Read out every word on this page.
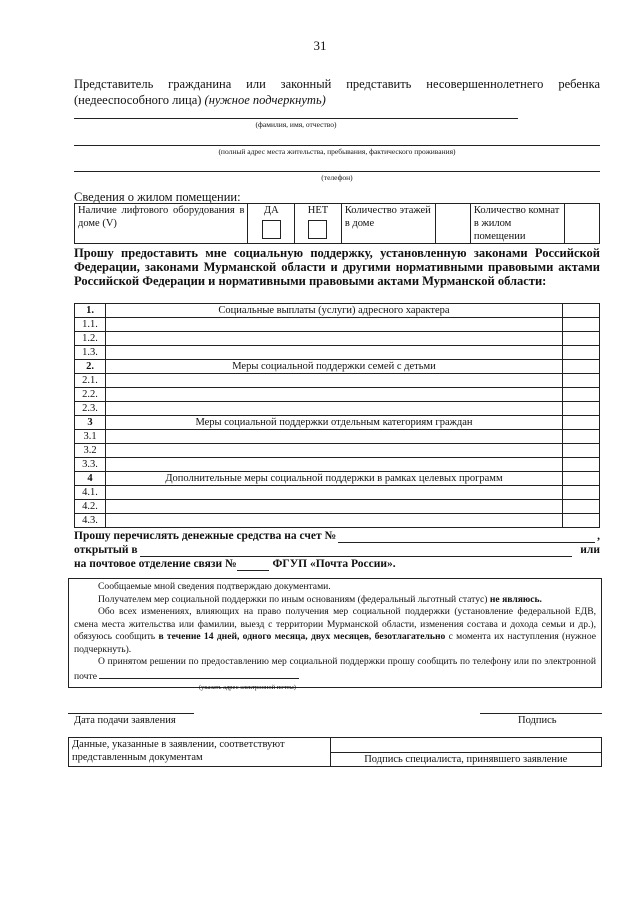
31
Представитель гражданина или законный представить несовершеннолетнего ребенка (недееспособного лица) (нужное подчеркнуть)
(фамилия, имя, отчество)
(полный адрес места жительства, пребывания, фактического проживания)
(телефон)
Сведения о жилом помещении:
Наличие лифтового оборудования в доме (V)	
ДА	НЕТ	Количество этажей в доме		Количество комнат в жилом помещении	
Прошу предоставить мне социальную поддержку, установленную законами Российской Федерации, законами Мурманской области и другими нормативными правовыми актами Российской Федерации и нормативными правовыми актами Мурманской области:
1.	Социальные выплаты (услуги) адресного характера	
1.1.		
1.2.		
1.3.		
2.	Меры социальной поддержки семей с детьми	
2.1.		
2.2.		
2.3.		
3	Меры социальной поддержки отдельным категориям граждан	
3.1		
3.2		
3.3.		
4	Дополнительные меры социальной поддержки в рамках целевых программ	
4.1.		
4.2.		
4.3.		
Прошу перечислять денежные средства на счет №	,
открытый в	или
на почтовое отделение связи №	ФГУП «Почта России».

Сообщаемые мной сведения подтверждаю документами.

Получателем мер социальной поддержки по иным основаниям (федеральный льготный статус) не являюсь.

Обо всех изменениях, влияющих на право получения мер социальной поддержки (установление федеральной ЕДВ, смена места жительства или фамилии, выезд с территории Мурманской области, изменения состава и дохода семьи и др.), обязуюсь сообщить в течение 14 дней, одного месяца, двух месяцев, безотлагательно с момента их наступления (нужное подчеркнуть).

О принятом решении по предоставлению мер социальной поддержки прошу сообщить по телефону или по электронной почте

(указать адрес электронной почты)
Дата подачи заявления	Подпись
Данные, указанные в заявлении, соответствуют представленным документам	
Подпись специалиста, принявшего заявление
